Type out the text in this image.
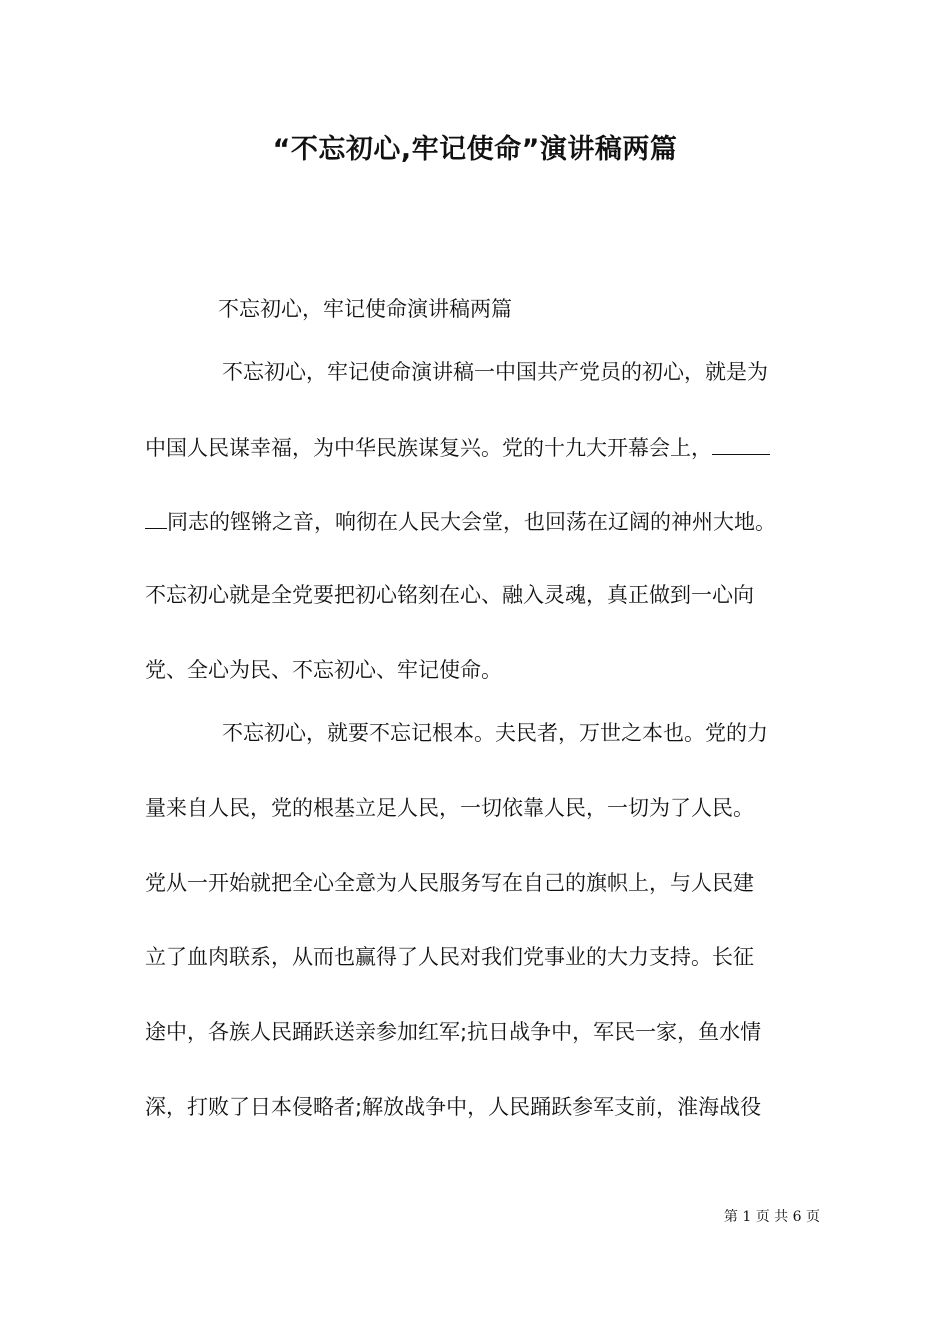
“不忘初心,牢记使命”演讲稿两篇

不忘初心，牢记使命演讲稿两篇

不忘初心，牢记使命演讲稿一中国共产党员的初心，就是为

中国人民谋幸福，为中华民族谋复兴。党的十九大开幕会上，

同志的铿锵之音，响彻在人民大会堂，也回荡在辽阔的神州大地。

不忘初心就是全党要把初心铭刻在心、融入灵魂，真正做到一心向

党、全心为民、不忘初心、牢记使命。

不忘初心，就要不忘记根本。夫民者，万世之本也。党的力

量来自人民，党的根基立足人民，一切依靠人民，一切为了人民。

党从一开始就把全心全意为人民服务写在自己的旗帜上，与人民建

立了血肉联系，从而也赢得了人民对我们党事业的大力支持。长征

途中，各族人民踊跃送亲参加红军;抗日战争中，军民一家，鱼水情

深，打败了日本侵略者;解放战争中，人民踊跃参军支前，淮海战役

第 1 页 共 6 页
